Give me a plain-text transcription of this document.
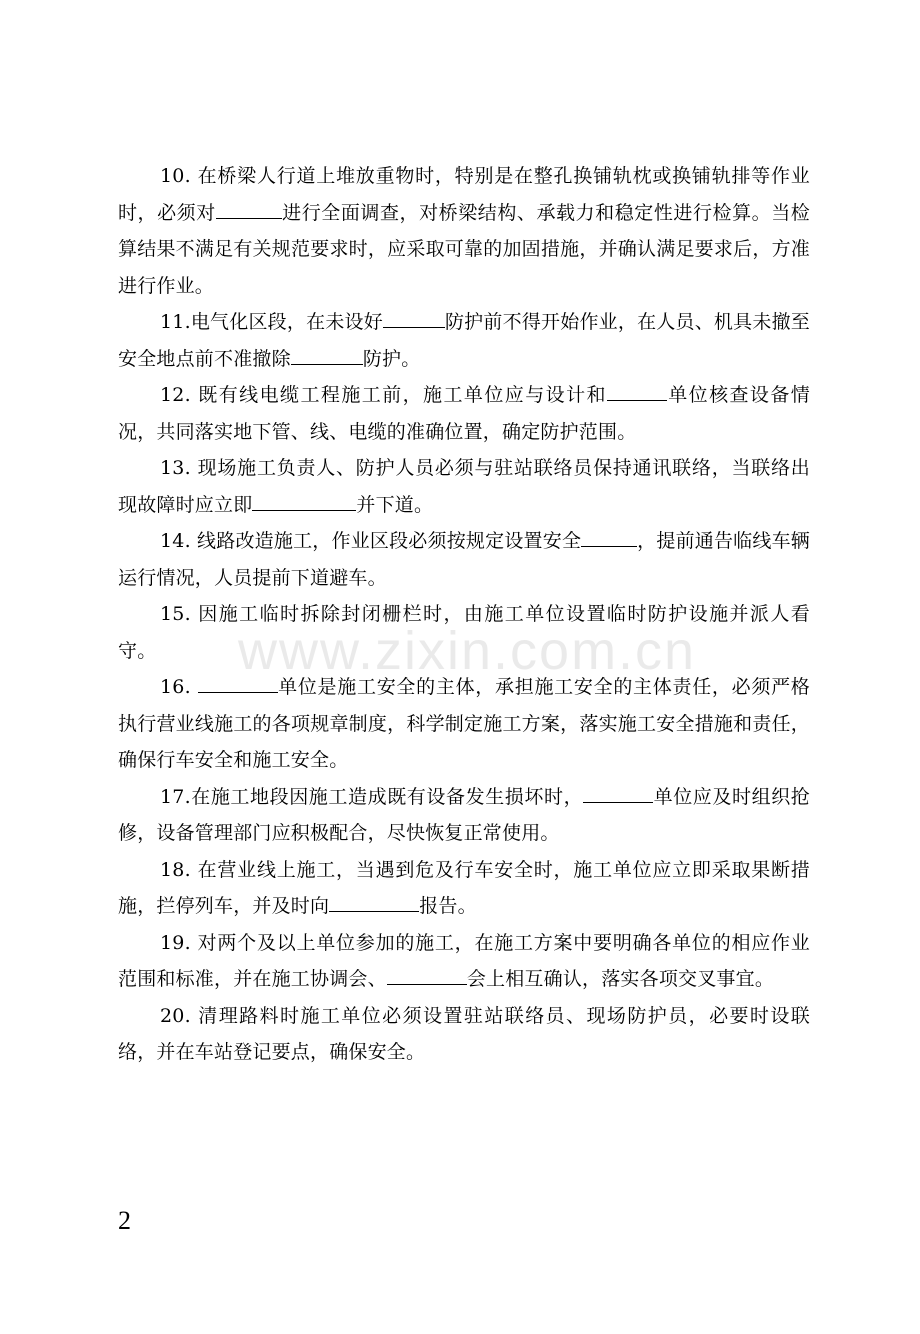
www.zixin.com.cn

10. 在桥梁人行道上堆放重物时，特别是在整孔换铺轨枕或换铺轨排等作业时，必须对	进行全面调查，对桥梁结构、承载力和稳定性进行检算。当检算结果不满足有关规范要求时，应采取可靠的加固措施，并确认满足要求后，方准进行作业。

11.电气化区段，在未设好	防护前不得开始作业，在人员、机具未撤至安全地点前不准撤除	防护。

12. 既有线电缆工程施工前，施工单位应与设计和	单位核查设备情况，共同落实地下管、线、电缆的准确位置，确定防护范围。

13. 现场施工负责人、防护人员必须与驻站联络员保持通讯联络，当联络出现故障时应立即	并下道。

14. 线路改造施工，作业区段必须按规定设置安全	，提前通告临线车辆运行情况，人员提前下道避车。

15. 因施工临时拆除封闭栅栏时，由施工单位设置临时防护设施并派人看守。

16.	单位是施工安全的主体，承担施工安全的主体责任，必须严格执行营业线施工的各项规章制度，科学制定施工方案，落实施工安全措施和责任，确保行车安全和施工安全。

17.在施工地段因施工造成既有设备发生损坏时，	单位应及时组织抢修，设备管理部门应积极配合，尽快恢复正常使用。

18. 在营业线上施工，当遇到危及行车安全时，施工单位应立即采取果断措施，拦停列车，并及时向	报告。

19. 对两个及以上单位参加的施工，在施工方案中要明确各单位的相应作业范围和标准，并在施工协调会、	会上相互确认，落实各项交叉事宜。

20. 清理路料时施工单位必须设置驻站联络员、现场防护员，必要时设联络，并在车站登记要点，确保安全。

2
